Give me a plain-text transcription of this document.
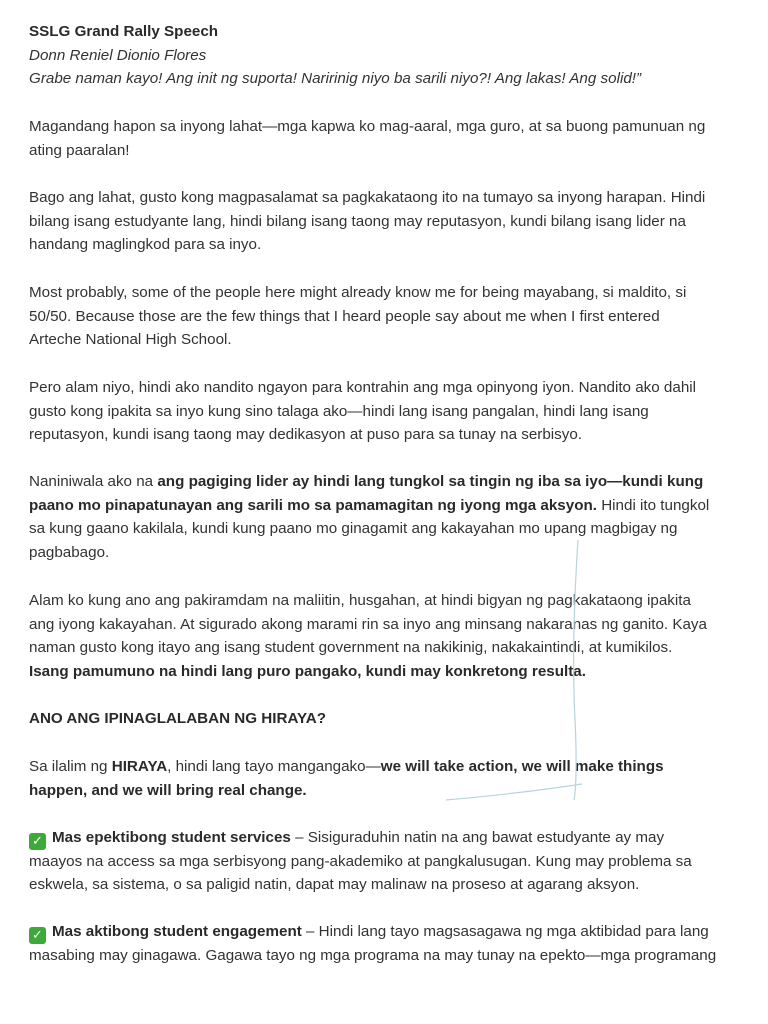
SSLG Grand Rally Speech
Donn Reniel Dionio Flores
Grabe naman kayo! Ang init ng suporta! Naririnig niyo ba sarili niyo?! Ang lakas! Ang solid!”
Magandang hapon sa inyong lahat—mga kapwa ko mag-aaral, mga guro, at sa buong pamunuan ng
ating paaralan!
Bago ang lahat, gusto kong magpasalamat sa pagkakataong ito na tumayo sa inyong harapan. Hindi
bilang isang estudyante lang, hindi bilang isang taong may reputasyon, kundi bilang isang lider na
handang maglingkod para sa inyo.
Most probably, some of the people here might already know me for being mayabang, si maldito, si
50/50. Because those are the few things that I heard people say about me when I first entered
Arteche National High School.
Pero alam niyo, hindi ako nandito ngayon para kontrahin ang mga opinyong iyon. Nandito ako dahil
gusto kong ipakita sa inyo kung sino talaga ako—hindi lang isang pangalan, hindi lang isang
reputasyon, kundi isang taong may dedikasyon at puso para sa tunay na serbisyo.
Naniniwala ako na ang pagiging lider ay hindi lang tungkol sa tingin ng iba sa iyo—kundi kung
paano mo pinapatunayan ang sarili mo sa pamamagitan ng iyong mga aksyon. Hindi ito tungkol
sa kung gaano kakilala, kundi kung paano mo ginagamit ang kakayahan mo upang magbigay ng
pagbabago.
Alam ko kung ano ang pakiramdam na maliitin, husgahan, at hindi bigyan ng pagkakataong ipakita
ang iyong kakayahan. At sigurado akong marami rin sa inyo ang minsang nakaranas ng ganito. Kaya
naman gusto kong itayo ang isang student government na nakikinig, nakakaintindi, at kumikilos.
Isang pamumuno na hindi lang puro pangako, kundi may konkretong resulta.
ANO ANG IPINAGLALABAN NG HIRAYA?
Sa ilalim ng HIRAYA, hindi lang tayo mangangako—we will take action, we will make things
happen, and we will bring real change.
✓ Mas epektibong student services – Sisiguraduhin natin na ang bawat estudyante ay may
maayos na access sa mga serbisyong pang-akademiko at pangkalusugan. Kung may problema sa
eskwela, sa sistema, o sa paligid natin, dapat may malinaw na proseso at agarang aksyon.
✓ Mas aktibong student engagement – Hindi lang tayo magsasagawa ng mga aktibidad para lang
masabing may ginagawa. Gagawa tayo ng mga programa na may tunay na epekto—mga programang
